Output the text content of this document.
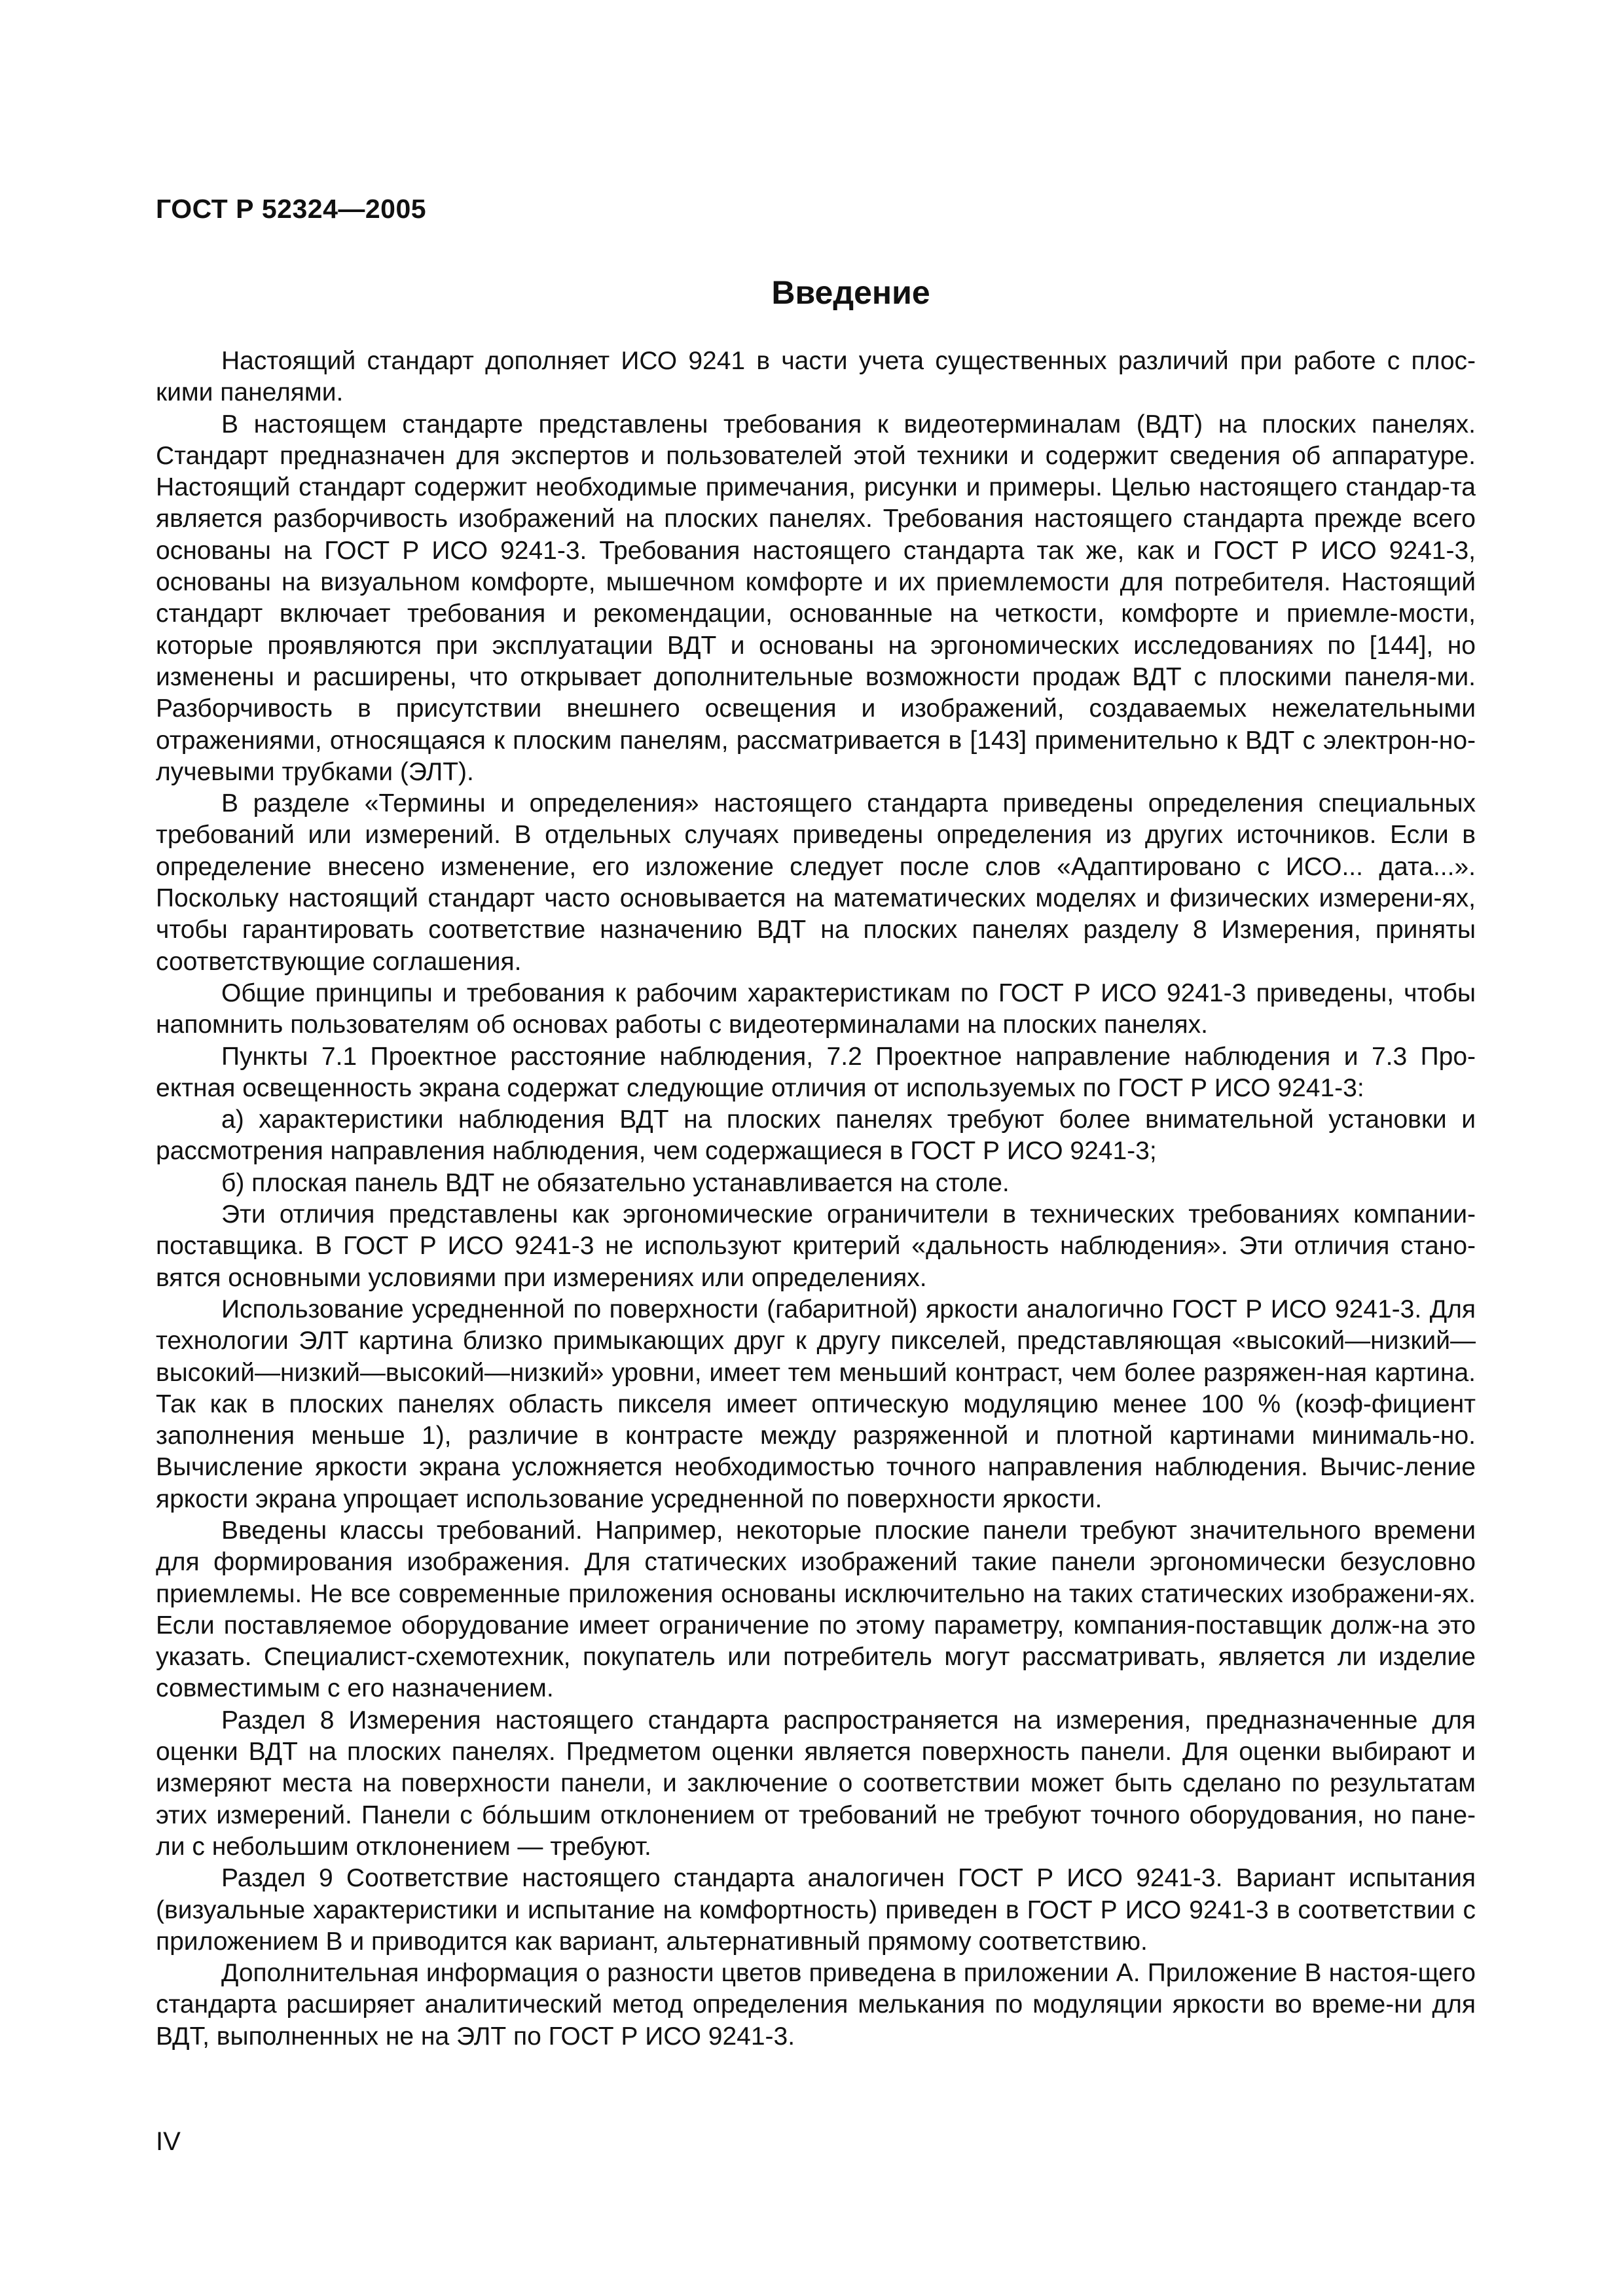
ГОСТ Р 52324—2005
Введение

Настоящий стандарт дополняет ИСО 9241 в части учета существенных различий при работе с плос-кими панелями.

В настоящем стандарте представлены требования к видеотерминалам (ВДТ) на плоских панелях. Стандарт предназначен для экспертов и пользователей этой техники и содержит сведения об аппаратуре. Настоящий стандарт содержит необходимые примечания, рисунки и примеры. Целью настоящего стандар-та является разборчивость изображений на плоских панелях. Требования настоящего стандарта прежде всего основаны на ГОСТ Р ИСО 9241-3. Требования настоящего стандарта так же, как и ГОСТ Р ИСО 9241-3, основаны на визуальном комфорте, мышечном комфорте и их приемлемости для потребителя. Настоящий стандарт включает требования и рекомендации, основанные на четкости, комфорте и приемле-мости, которые проявляются при эксплуатации ВДТ и основаны на эргономических исследованиях по [144], но изменены и расширены, что открывает дополнительные возможности продаж ВДТ с плоскими панеля-ми. Разборчивость в присутствии внешнего освещения и изображений, создаваемых нежелательными отражениями, относящаяся к плоским панелям, рассматривается в [143] применительно к ВДТ с электрон-но-лучевыми трубками (ЭЛТ).

В разделе «Термины и определения» настоящего стандарта приведены определения специальных требований или измерений. В отдельных случаях приведены определения из других источников. Если в определение внесено изменение, его изложение следует после слов «Адаптировано с ИСО... дата...». Поскольку настоящий стандарт часто основывается на математических моделях и физических измерени-ях, чтобы гарантировать соответствие назначению ВДТ на плоских панелях разделу 8 Измерения, приняты соответствующие соглашения.

Общие принципы и требования к рабочим характеристикам по ГОСТ Р ИСО 9241-3 приведены, чтобы напомнить пользователям об основах работы с видеотерминалами на плоских панелях.

Пункты 7.1 Проектное расстояние наблюдения, 7.2 Проектное направление наблюдения и 7.3 Про-ектная освещенность экрана содержат следующие отличия от используемых по ГОСТ Р ИСО 9241-3:

а) характеристики наблюдения ВДТ на плоских панелях требуют более внимательной установки и рассмотрения направления наблюдения, чем содержащиеся в ГОСТ Р ИСО 9241-3;

б) плоская панель ВДТ не обязательно устанавливается на столе.

Эти отличия представлены как эргономические ограничители в технических требованиях компании-поставщика. В ГОСТ Р ИСО 9241-3 не используют критерий «дальность наблюдения». Эти отличия стано-вятся основными условиями при измерениях или определениях.

Использование усредненной по поверхности (габаритной) яркости аналогично ГОСТ Р ИСО 9241-3. Для технологии ЭЛТ картина близко примыкающих друг к другу пикселей, представляющая «высокий—низкий—высокий—низкий—высокий—низкий» уровни, имеет тем меньший контраст, чем более разряжен-ная картина. Так как в плоских панелях область пикселя имеет оптическую модуляцию менее 100 % (коэф-фициент заполнения меньше 1), различие в контрасте между разряженной и плотной картинами минималь-но. Вычисление яркости экрана усложняется необходимостью точного направления наблюдения. Вычис-ление яркости экрана упрощает использование усредненной по поверхности яркости.

Введены классы требований. Например, некоторые плоские панели требуют значительного времени для формирования изображения. Для статических изображений такие панели эргономически безусловно приемлемы. Не все современные приложения основаны исключительно на таких статических изображени-ях. Если поставляемое оборудование имеет ограничение по этому параметру, компания-поставщик долж-на это указать. Специалист-схемотехник, покупатель или потребитель могут рассматривать, является ли изделие совместимым с его назначением.

Раздел 8 Измерения настоящего стандарта распространяется на измерения, предназначенные для оценки ВДТ на плоских панелях. Предметом оценки является поверхность панели. Для оценки выбирают и измеряют места на поверхности панели, и заключение о соответствии может быть сделано по результатам этих измерений. Панели с бóльшим отклонением от требований не требуют точного оборудования, но пане-ли с небольшим отклонением — требуют.

Раздел 9 Соответствие настоящего стандарта аналогичен ГОСТ Р ИСО 9241-3. Вариант испытания (визуальные характеристики и испытание на комфортность) приведен в ГОСТ Р ИСО 9241-3 в соответствии с приложением В и приводится как вариант, альтернативный прямому соответствию.

Дополнительная информация о разности цветов приведена в приложении А. Приложение В настоя-щего стандарта расширяет аналитический метод определения мелькания по модуляции яркости во време-ни для ВДТ, выполненных не на ЭЛТ по ГОСТ Р ИСО 9241-3.

IV
